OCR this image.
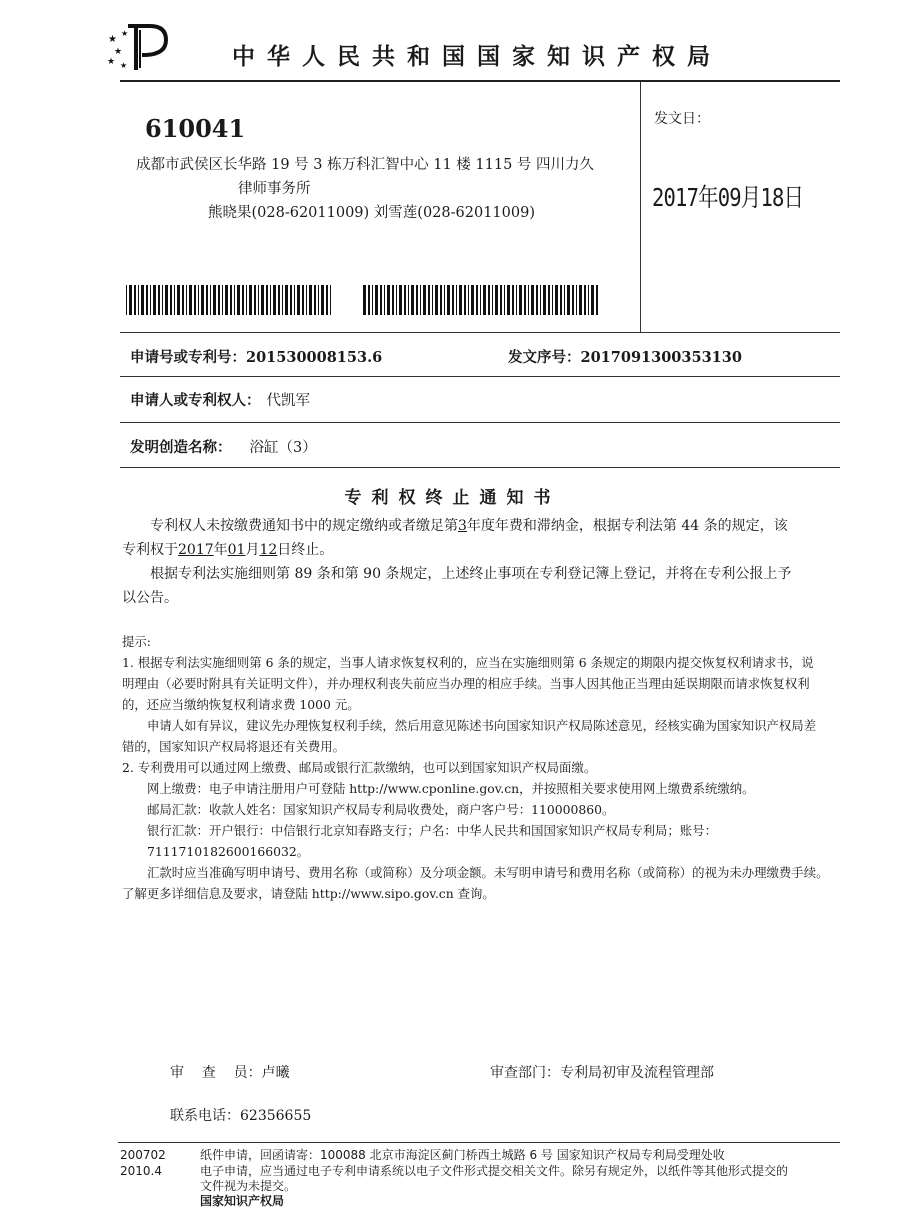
★
★
★ ★
★
中华人民共和国国家知识产权局
610041
成都市武侯区长华路 19 号 3 栋万科汇智中心 11 楼 1115 号 四川力久
律师事务所
熊晓果(028-62011009) 刘雪莲(028-62011009)
发文日：
2017年09月18日
申请号或专利号：201530008153.6	发文序号：2017091300353130
申请人或专利权人： 代凯军
发明创造名称： 浴缸（3）
专利权终止通知书
专利权人未按缴费通知书中的规定缴纳或者缴足第3年度年费和滞纳金，根据专利法第 44 条的规定，该
专利权于2017年01月12日终止。
根据专利法实施细则第 89 条和第 90 条规定，上述终止事项在专利登记簿上登记，并将在专利公报上予
以公告。
提示:
1. 根据专利法实施细则第 6 条的规定，当事人请求恢复权利的，应当在实施细则第 6 条规定的期限内提交恢复权利请求书，说
明理由（必要时附具有关证明文件），并办理权利丧失前应当办理的相应手续。当事人因其他正当理由延误期限而请求恢复权利
的，还应当缴纳恢复权利请求费 1000 元。
申请人如有异议，建议先办理恢复权利手续，然后用意见陈述书向国家知识产权局陈述意见，经核实确为国家知识产权局差
错的，国家知识产权局将退还有关费用。
2. 专利费用可以通过网上缴费、邮局或银行汇款缴纳，也可以到国家知识产权局面缴。
网上缴费：电子申请注册用户可登陆 http://www.cponline.gov.cn，并按照相关要求使用网上缴费系统缴纳。
邮局汇款：收款人姓名：国家知识产权局专利局收费处，商户客户号：110000860。
银行汇款：开户银行：中信银行北京知春路支行；户名：中华人民共和国国家知识产权局专利局；账号：7111710182600166032。
汇款时应当准确写明申请号、费用名称（或简称）及分项金额。未写明申请号和费用名称（或简称）的视为未办理缴费手续。
了解更多详细信息及要求，请登陆 http://www.sipo.gov.cn 查询。
审    查    员：卢曦	审查部门：专利局初审及流程管理部
联系电话：62356655
200702
2010.4
纸件申请，回函请寄：100088 北京市海淀区蓟门桥西土城路 6 号 国家知识产权局专利局受理处收
电子申请，应当通过电子专利申请系统以电子文件形式提交相关文件。除另有规定外，以纸件等其他形式提交的
文件视为未提交。
国家知识产权局
